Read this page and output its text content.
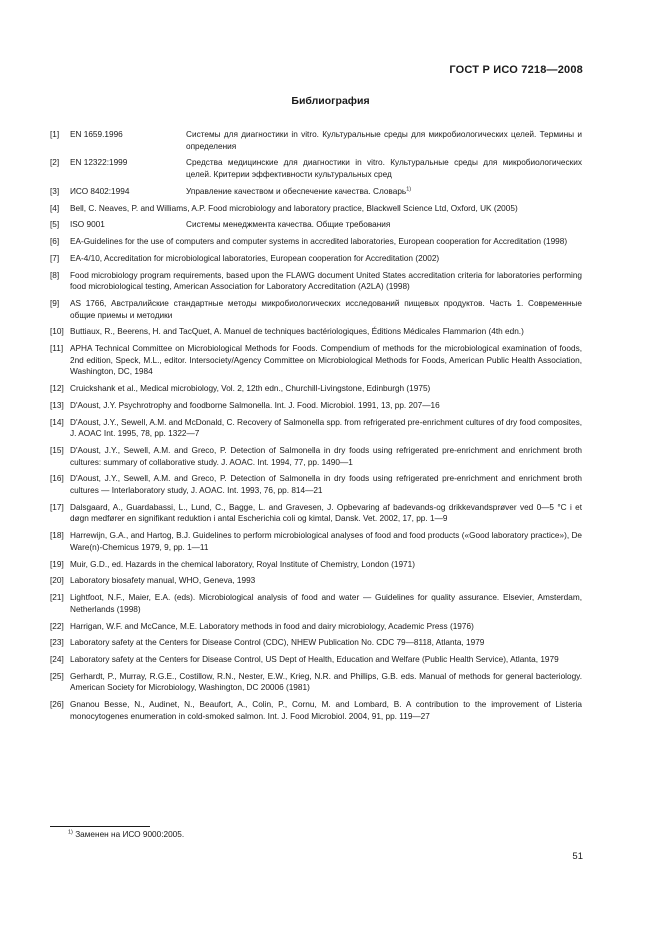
ГОСТ Р ИСО 7218—2008
Библиография
[1] EN 1659.1996	Системы для диагностики in vitro. Культуральные среды для микробиологических целей. Термины и определения
[2] EN 12322:1999	Средства медицинские для диагностики in vitro. Культуральные среды для микробиологических целей. Критерии эффективности культуральных сред
[3] ИСО 8402:1994	Управление качеством и обеспечение качества. Словарь$^{1)}$
[4] Bell, C. Neaves, P. and Williams, A.P. Food microbiology and laboratory practice, Blackwell Science Ltd, Oxford, UK (2005)
[5] ISO 9001	Системы менеджмента качества. Общие требования
[6] EA-Guidelines for the use of computers and computer systems in accredited laboratories, European cooperation for Accreditation (1998)
[7] EA-4/10, Accreditation for microbiological laboratories, European cooperation for Accreditation (2002)
[8] Food microbiology program requirements, based upon the FLAWG document United States accreditation criteria for laboratories performing food microbiological testing, American Association for Laboratory Accreditation (A2LA) (1998)
[9] AS 1766, Австралийские стандартные методы микробиологических исследований пищевых продуктов. Часть 1. Современные общие приемы и методики
[10] Buttiaux, R., Beerens, H. and TacQuet, A. Manuel de techniques bactériologiques, Éditions Médicales Flammarion (4th edn.)
[11] APHA Technical Committee on Microbiological Methods for Foods. Compendium of methods for the microbiological examination of foods, 2nd edition, Speck, M.L., editor. Intersociety/Agency Committee on Microbiological Methods for Foods, American Public Health Association, Washington, DC, 1984
[12] Cruickshank et al., Medical microbiology, Vol. 2, 12th edn., Churchill-Livingstone, Edinburgh (1975)
[13] D'Aoust, J.Y. Psychrotrophy and foodborne Salmonella. Int. J. Food. Microbiol. 1991, 13, pp. 207—16
[14] D'Aoust, J.Y., Sewell, A.M. and McDonald, C. Recovery of Salmonella spp. from refrigerated pre-enrichment cultures of dry food composites, J. AOAC Int. 1995, 78, pp. 1322—7
[15] D'Aoust, J.Y., Sewell, A.M. and Greco, P. Detection of Salmonella in dry foods using refrigerated pre-enrichment and enrichment broth cultures: summary of collaborative study. J. AOAC. Int. 1994, 77, pp. 1490—1
[16] D'Aoust, J.Y., Sewell, A.M. and Greco, P. Detection of Salmonella in dry foods using refrigerated pre-enrichment and enrichment broth cultures — Interlaboratory study, J. AOAC. Int. 1993, 76, pp. 814—21
[17] Dalsgaard, A., Guardabassi, L., Lund, C., Bagge, L. and Gravesen, J. Opbevaring af badevands-og drikkevandsprøver ved 0—5 °C i et døgn medfører en signifikant reduktion i antal Escherichia coli og kimtal, Dansk. Vet. 2002, 17, pp. 1—9
[18] Harrewijn, G.A., and Hartog, B.J. Guidelines to perform microbiological analyses of food and food products («Good laboratory practice»), De Ware(n)-Chemicus 1979, 9, pp. 1—11
[19] Muir, G.D., ed. Hazards in the chemical laboratory, Royal Institute of Chemistry, London (1971)
[20] Laboratory biosafety manual, WHO, Geneva, 1993
[21] Lightfoot, N.F., Maier, E.A. (eds). Microbiological analysis of food and water — Guidelines for quality assurance. Elsevier, Amsterdam, Netherlands (1998)
[22] Harrigan, W.F. and McCance, M.E. Laboratory methods in food and dairy microbiology, Academic Press (1976)
[23] Laboratory safety at the Centers for Disease Control (CDC), NHEW Publication No. CDC 79—8118, Atlanta, 1979
[24] Laboratory safety at the Centers for Disease Control, US Dept of Health, Education and Welfare (Public Health Service), Atlanta, 1979
[25] Gerhardt, P., Murray, R.G.E., Costillow, R.N., Nester, E.W., Krieg, N.R. and Phillips, G.B. eds. Manual of methods for general bacteriology. American Society for Microbiology, Washington, DC 20006 (1981)
[26] Gnanou Besse, N., Audinet, N., Beaufort, A., Colin, P., Cornu, M. and Lombard, B. A contribution to the improvement of Listeria monocytogenes enumeration in cold-smoked salmon. Int. J. Food Microbiol. 2004, 91, pp. 119—27
$^{1)}$ Заменен на ИСО 9000:2005.
51
